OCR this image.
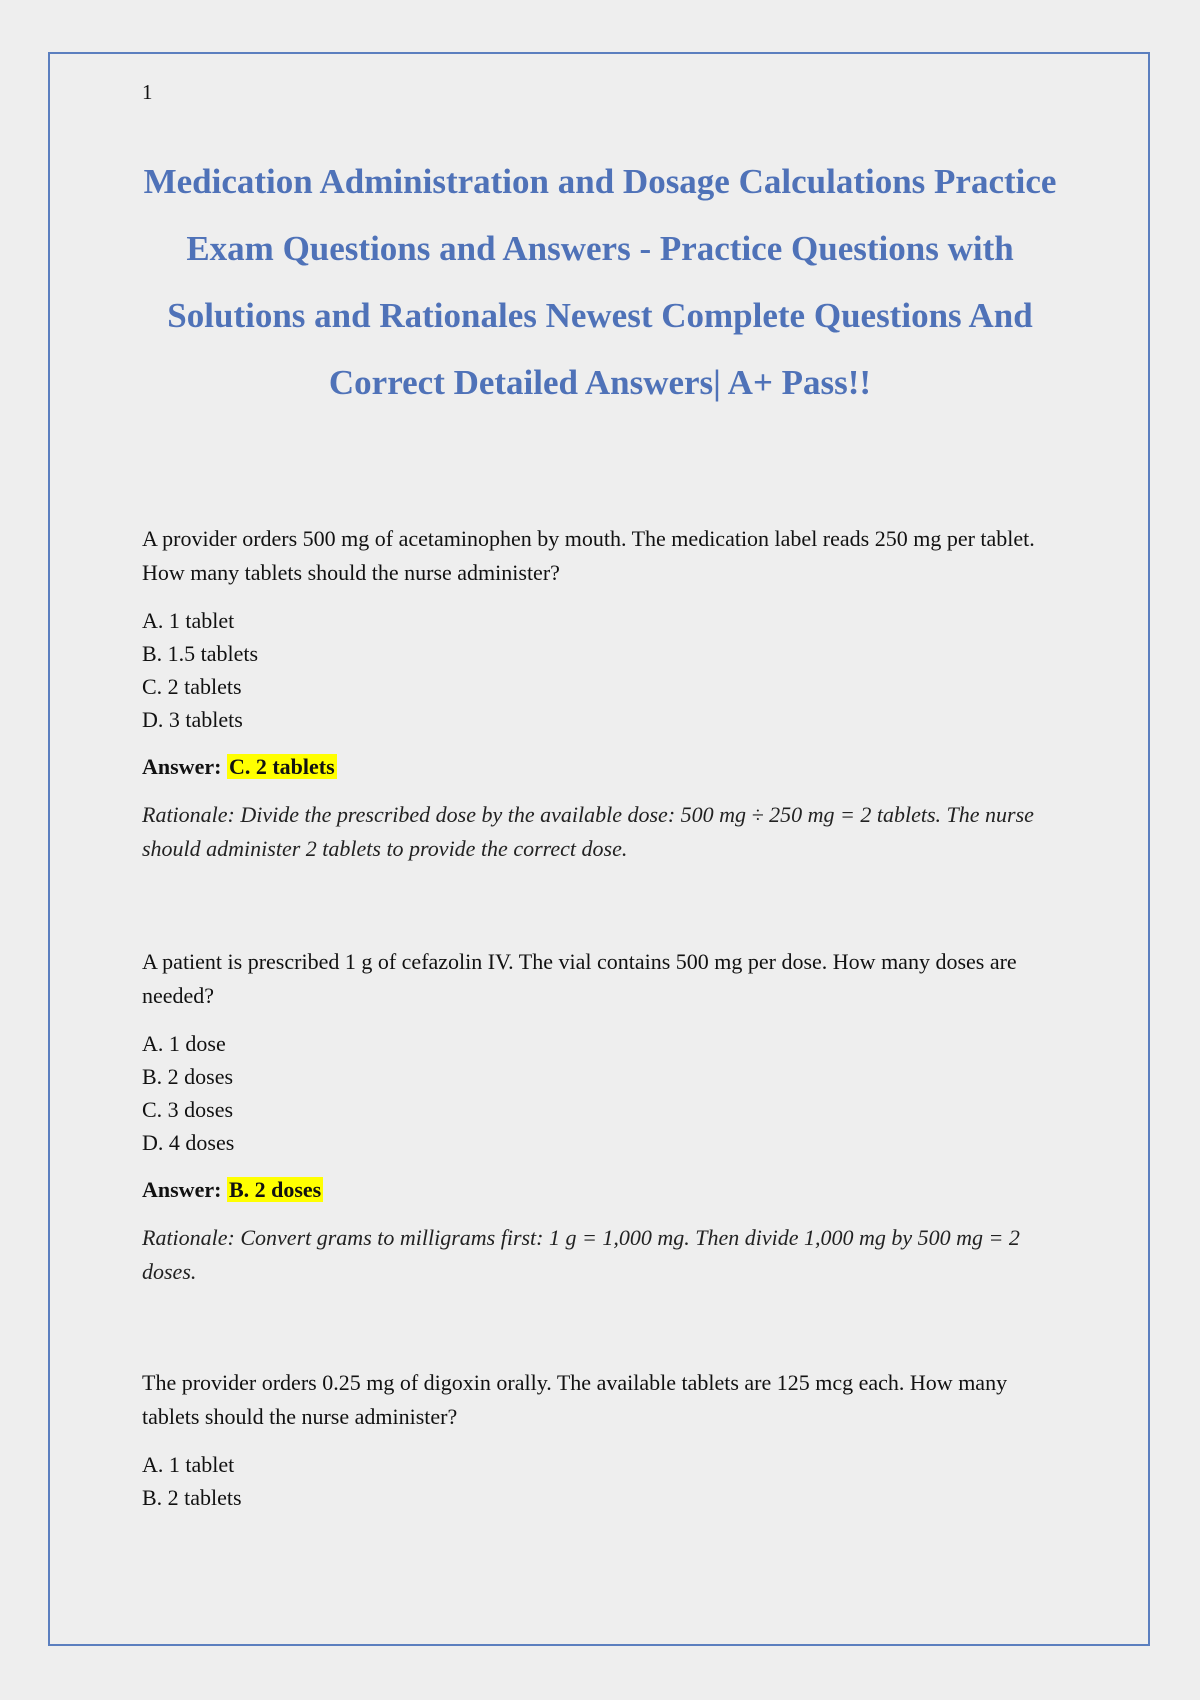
1
Medication Administration and Dosage Calculations Practice Exam Questions and Answers - Practice Questions with Solutions and Rationales Newest Complete Questions And Correct Detailed Answers| A+ Pass!!

A provider orders 500 mg of acetaminophen by mouth. The medication label reads 250 mg per tablet. How many tablets should the nurse administer?

A. 1 tablet
B. 1.5 tablets
C. 2 tablets
D. 3 tablets

Answer: C. 2 tablets

Rationale: Divide the prescribed dose by the available dose: 500 mg ÷ 250 mg = 2 tablets. The nurse should administer 2 tablets to provide the correct dose.

A patient is prescribed 1 g of cefazolin IV. The vial contains 500 mg per dose. How many doses are needed?

A. 1 dose
B. 2 doses
C. 3 doses
D. 4 doses

Answer: B. 2 doses

Rationale: Convert grams to milligrams first: 1 g = 1,000 mg. Then divide 1,000 mg by 500 mg = 2 doses.

The provider orders 0.25 mg of digoxin orally. The available tablets are 125 mcg each. How many tablets should the nurse administer?

A. 1 tablet
B. 2 tablets
